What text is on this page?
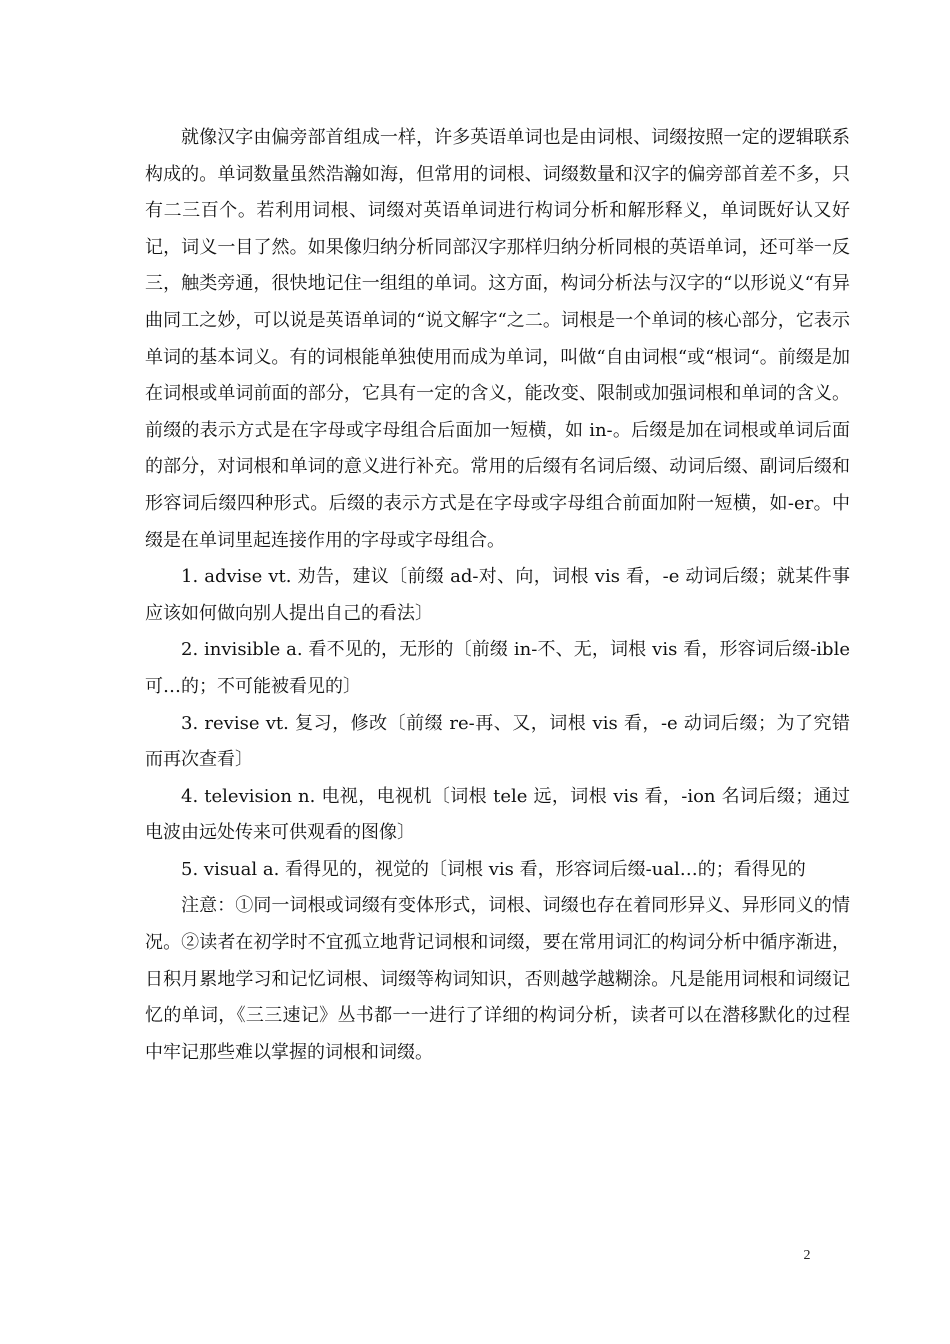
就像汉字由偏旁部首组成一样，许多英语单词也是由词根、词缀按照一定的逻辑联系构成的。单词数量虽然浩瀚如海，但常用的词根、词缀数量和汉字的偏旁部首差不多，只有二三百个。若利用词根、词缀对英语单词进行构词分析和解形释义，单词既好认又好记，词义一目了然。如果像归纳分析同部汉字那样归纳分析同根的英语单词，还可举一反三，触类旁通，很快地记住一组组的单词。这方面，构词分析法与汉字的“以形说义“有异曲同工之妙，可以说是英语单词的“说文解字“之二。词根是一个单词的核心部分，它表示单词的基本词义。有的词根能单独使用而成为单词，叫做“自由词根“或“根词“。前缀是加在词根或单词前面的部分，它具有一定的含义，能改变、限制或加强词根和单词的含义。前缀的表示方式是在字母或字母组合后面加一短横，如 in-。后缀是加在词根或单词后面的部分，对词根和单词的意义进行补充。常用的后缀有名词后缀、动词后缀、副词后缀和形容词后缀四种形式。后缀的表示方式是在字母或字母组合前面加附一短横，如-er。中缀是在单词里起连接作用的字母或字母组合。

1. advise vt. 劝告，建议〔前缀 ad-对、向，词根 vis 看，-e 动词后缀；就某件事应该如何做向别人提出自己的看法〕

2. invisible a. 看不见的，无形的〔前缀 in-不、无，词根 vis 看，形容词后缀-ible 可…的；不可能被看见的〕

3. revise vt. 复习，修改〔前缀 re-再、又，词根 vis 看，-e 动词后缀；为了究错而再次查看〕

4. television n. 电视，电视机〔词根 tele 远，词根 vis 看，-ion 名词后缀；通过电波由远处传来可供观看的图像〕

5. visual a. 看得见的，视觉的〔词根 vis 看，形容词后缀-ual…的；看得见的

注意：①同一词根或词缀有变体形式，词根、词缀也存在着同形异义、异形同义的情况。②读者在初学时不宜孤立地背记词根和词缀，要在常用词汇的构词分析中循序渐进，日积月累地学习和记忆词根、词缀等构词知识，否则越学越糊涂。凡是能用词根和词缀记忆的单词，《三三速记》丛书都一一进行了详细的构词分析，读者可以在潜移默化的过程中牢记那些难以掌握的词根和词缀。

2
